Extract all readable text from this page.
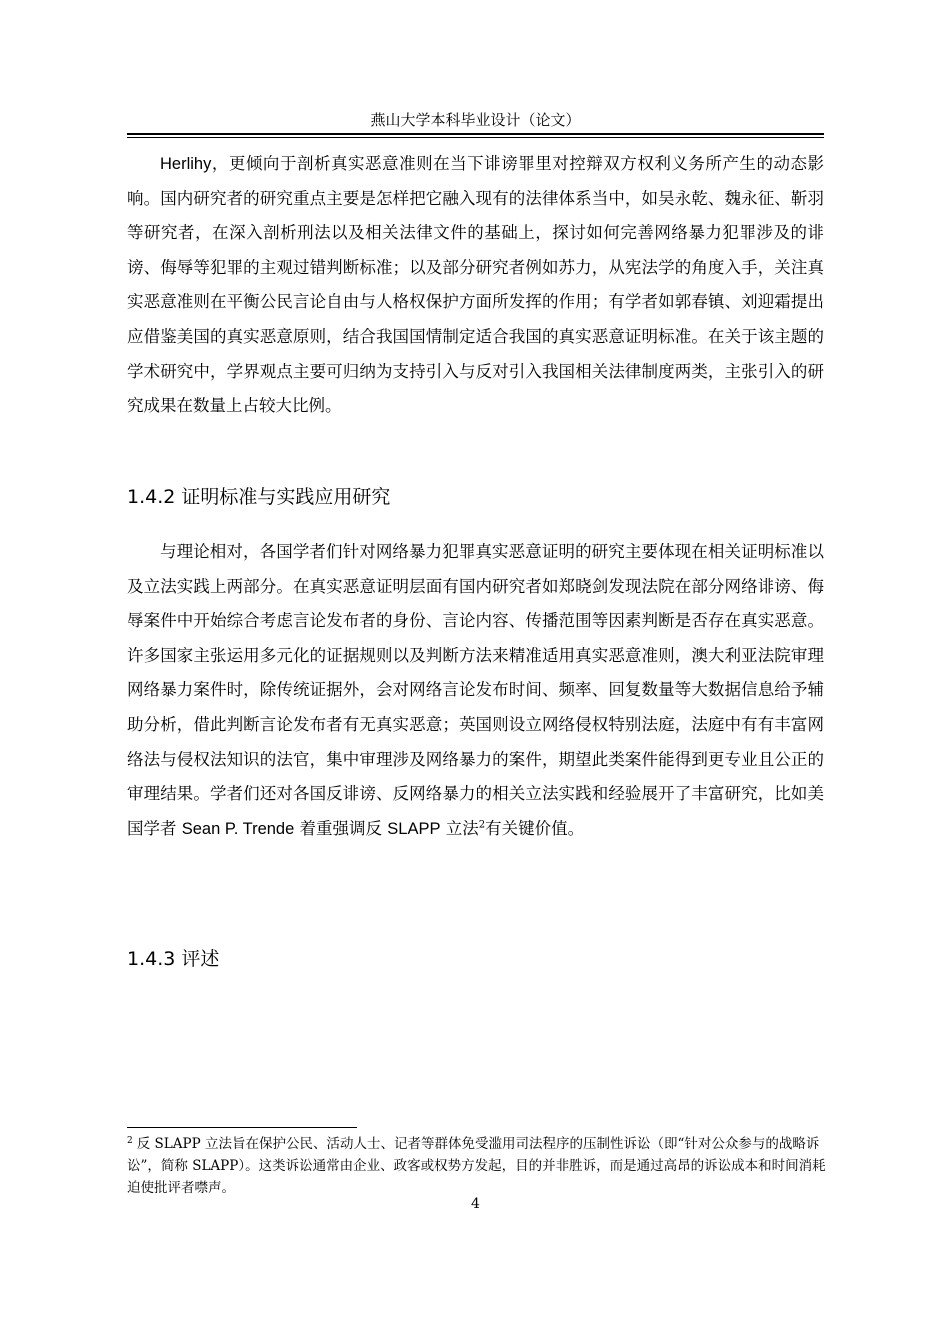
燕山大学本科毕业设计（论文）

Herlihy，更倾向于剖析真实恶意准则在当下诽谤罪里对控辩双方权利义务所产生的动态影响。国内研究者的研究重点主要是怎样把它融入现有的法律体系当中，如吴永乾、魏永征、靳羽等研究者，在深入剖析刑法以及相关法律文件的基础上，探讨如何完善网络暴力犯罪涉及的诽谤、侮辱等犯罪的主观过错判断标准；以及部分研究者例如苏力，从宪法学的角度入手，关注真实恶意准则在平衡公民言论自由与人格权保护方面所发挥的作用；有学者如郭春镇、刘迎霜提出应借鉴美国的真实恶意原则，结合我国国情制定适合我国的真实恶意证明标准。在关于该主题的学术研究中，学界观点主要可归纳为支持引入与反对引入我国相关法律制度两类，主张引入的研究成果在数量上占较大比例。

1.4.2 证明标准与实践应用研究

与理论相对，各国学者们针对网络暴力犯罪真实恶意证明的研究主要体现在相关证明标准以及立法实践上两部分。在真实恶意证明层面有国内研究者如郑晓剑发现法院在部分网络诽谤、侮辱案件中开始综合考虑言论发布者的身份、言论内容、传播范围等因素判断是否存在真实恶意。许多国家主张运用多元化的证据规则以及判断方法来精准适用真实恶意准则，澳大利亚法院审理网络暴力案件时，除传统证据外，会对网络言论发布时间、频率、回复数量等大数据信息给予辅助分析，借此判断言论发布者有无真实恶意；英国则设立网络侵权特别法庭，法庭中有有丰富网络法与侵权法知识的法官，集中审理涉及网络暴力的案件，期望此类案件能得到更专业且公正的审理结果。学者们还对各国反诽谤、反网络暴力的相关立法实践和经验展开了丰富研究，比如美国学者 Sean P. Trende 着重强调反 SLAPP 立法$^2$有关键价值。

1.4.3 评述

$^2$ 反 SLAPP 立法旨在保护公民、活动人士、记者等群体免受滥用司法程序的压制性诉讼（即“针对公众参与的战略诉讼”，简称 SLAPP）。这类诉讼通常由企业、政客或权势方发起，目的并非胜诉，而是通过高昂的诉讼成本和时间消耗迫使批评者噤声。

4
